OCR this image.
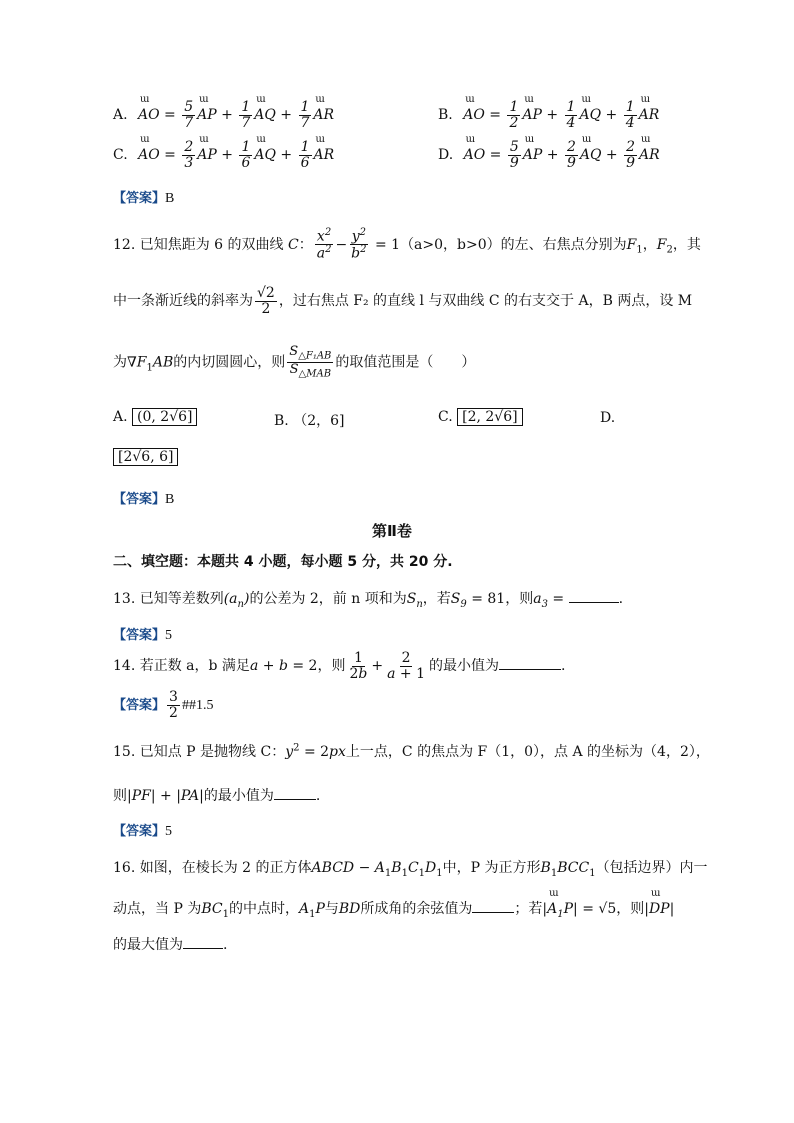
A. ɯ AO = $\frac{5}{7}$ ɯ AP + $\frac{1}{7}$ ɯ AQ + $\frac{1}{7}$ ɯ AR	B. ɯ AO = $\frac{1}{2}$ ɯ AP + $\frac{1}{4}$ ɯ AQ + $\frac{1}{4}$ ɯ AR
C. ɯ AO = $\frac{2}{3}$ ɯ AP + $\frac{1}{6}$ ɯ AQ + $\frac{1}{6}$ ɯ AR	D. ɯ AO = $\frac{5}{9}$ ɯ AP + $\frac{2}{9}$ ɯ AQ + $\frac{2}{9}$ ɯ AR
【答案】B
12. 已知焦距为 6 的双曲线 C： $\frac{x^2}{a^2} - \frac{y^2}{b^2} = 1(a>0$，b>0）的左、右焦点分别为$F_1$，$F_2$，其
中一条渐近线的斜率为 $\frac{√2}{2}$ ，过右焦点 F₂ 的直线 l 与双曲线 C 的右支交于 A，B 两点，设 M
为$\nabla F_1AB$的内切圆圆心，则 $\frac{S_{\triangle F_1AB}}{S_{\triangle MAB}}$ 的取值范围是（　　）
A. (0, 2√6]	B. （2，6]	C. [2, 2√6]	D.
[2√6, 6]
【答案】B
第Ⅱ卷
二、填空题：本题共 4 小题，每小题 5 分，共 20 分.
13. 已知等差数列$(a_n)$的公差为 2，前 n 项和为$S_n$，若$S_9 = 81$，则$a_3$ =	.
【答案】5
14. 若正数 a，b 满足a + b = 2，则 $\frac{1}{2b} + \frac{2}{a + 1}$ 的最小值为	.
【答案】 $\frac{3}{2}$ ##1.5
15. 已知点 P 是抛物线 C：$y^2 = 2px$上一点，C 的焦点为 F（1，0），点 A 的坐标为（4，2），
则|PF| + |PA|的最小值为	.
【答案】5
16. 如图，在棱长为 2 的正方体ABCD − $A_1B_1C_1D_1$中，P 为正方形$B_1BCC_1$（包括边界）内一
动点，当 P 为$BC_1$的中点时，$A_1P$与BD所成角的余弦值为	；若|ɯ $A_1P| = √5$，则|ɯ DP|
的最大值为	.
